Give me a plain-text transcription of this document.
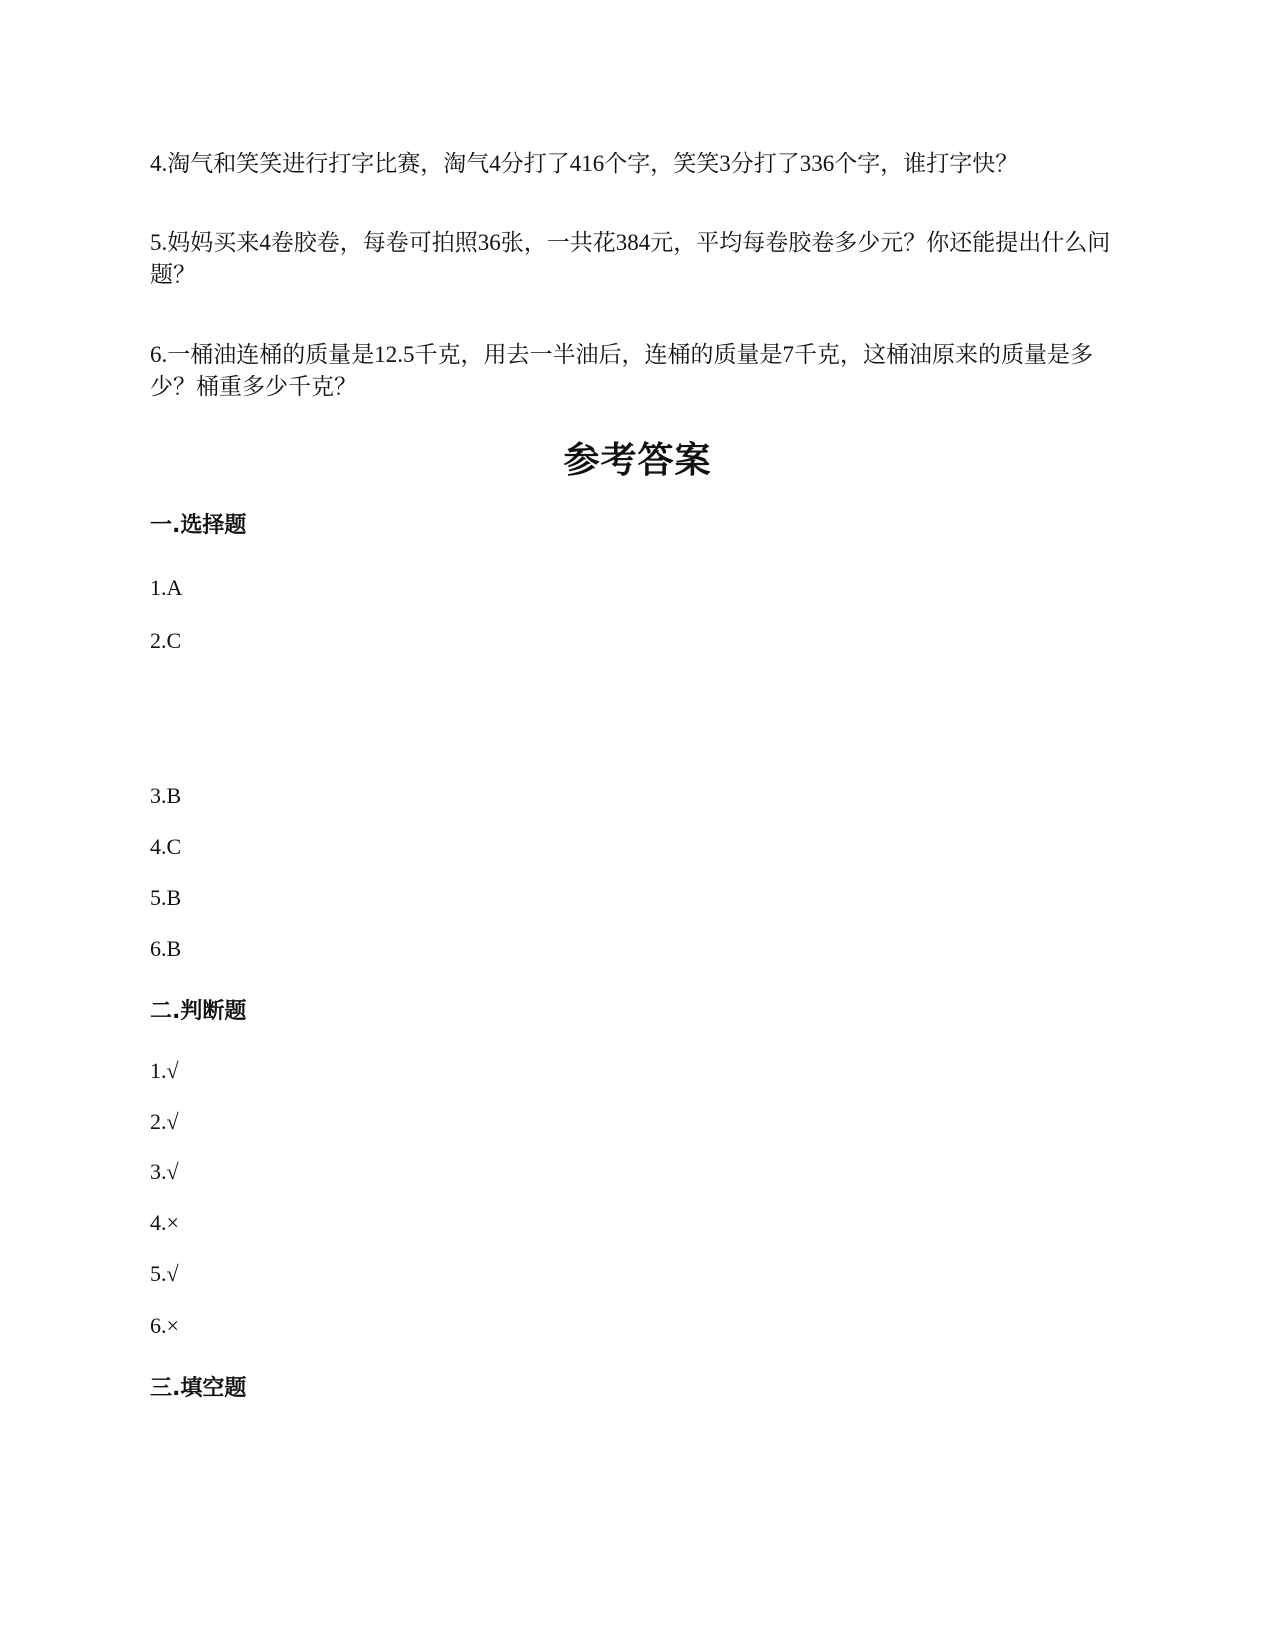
4.淘气和笑笑进行打字比赛，淘气4分打了416个字，笑笑3分打了336个字，谁打字快？
5.妈妈买来4卷胶卷，每卷可拍照36张，一共花384元，平均每卷胶卷多少元？你还能提出什么问题？
6.一桶油连桶的质量是12.5千克，用去一半油后，连桶的质量是7千克，这桶油原来的质量是多少？桶重多少千克？
参考答案
一.选择题
1.A
2.C
3.B
4.C
5.B
6.B
二.判断题
1.√
2.√
3.√
4.×
5.√
6.×
三.填空题
